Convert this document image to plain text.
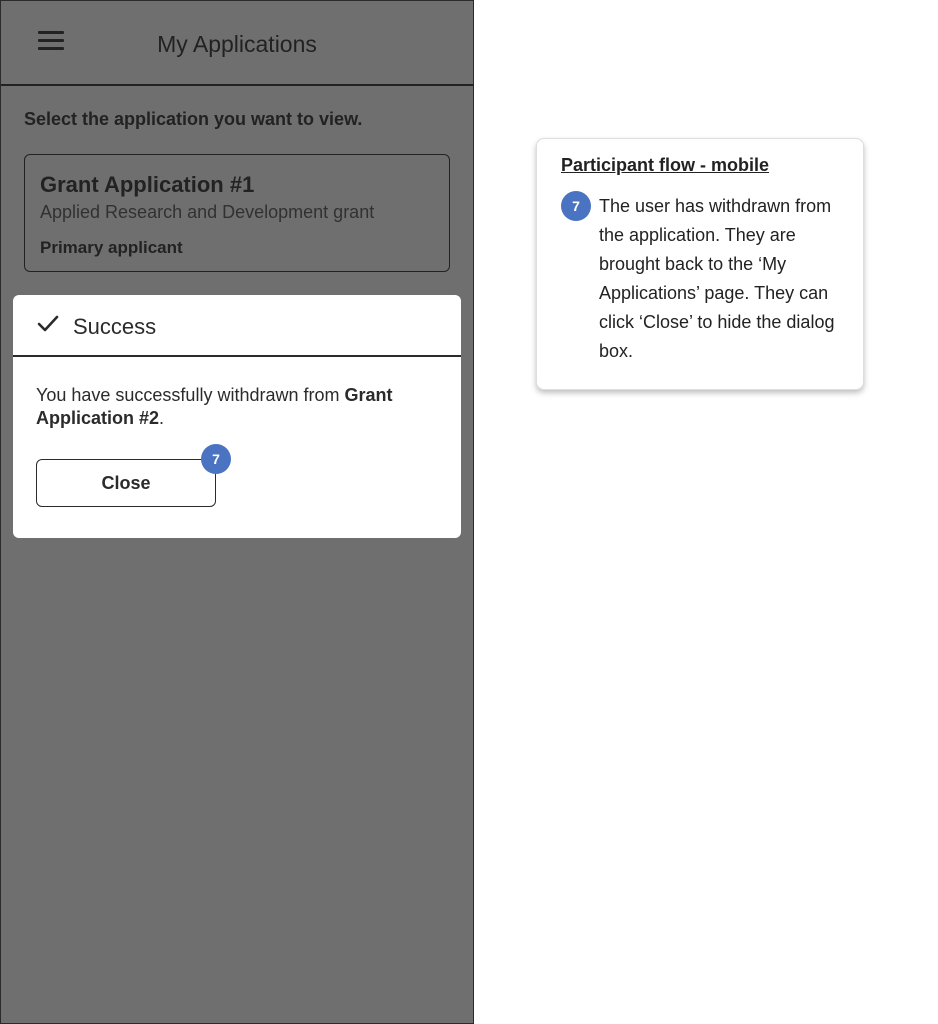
Success
You have successfully withdrawn from Grant Application #2.
Close
7
Participant flow - mobile
7	The user has withdrawn from the application. They are brought back to the ‘My Applications’ page. They can click ‘Close’ to hide the dialog box.
